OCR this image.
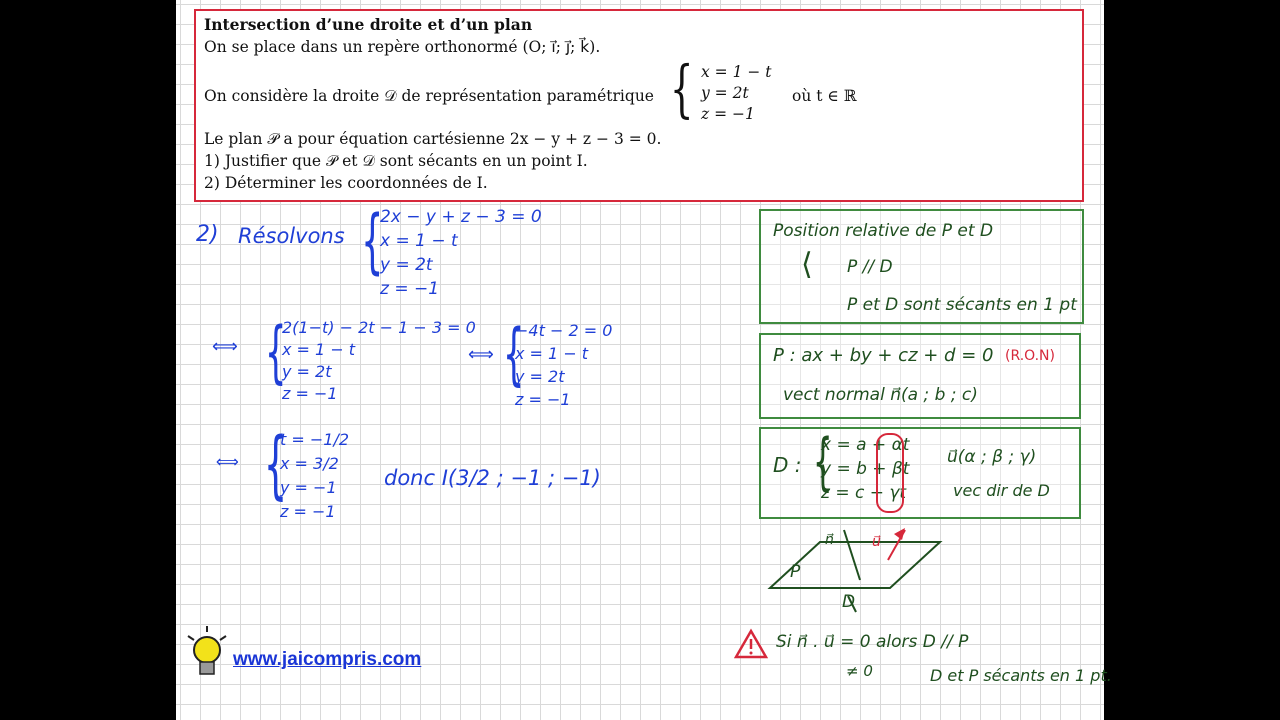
Intersection d’une droite et d’un plan
On se place dans un repère orthonormé (O; i⃗; j⃗; k⃗).
On considère la droite 𝒟 de représentation paramétrique { x = 1 − t
y = 2t
z = −1
où t ∈ ℝ
Le plan 𝒫 a pour équation cartésienne 2x − y + z − 3 = 0.
1) Justifier que 𝒫 et 𝒟 sont sécants en un point I.
2) Déterminer les coordonnées de I.
2) Résolvons {
2x − y + z − 3 = 0
x = 1 − t
y = 2t
z = −1
⟺ {
2(1−t) − 2t − 1 − 3 = 0
x = 1 − t
y = 2t
z = −1
⟺ {
−4t − 2 = 0
x = 1 − t
y = 2t
z = −1
⟺ {
t = −1/2
x = 3/2
y = −1
z = −1
donc I(3/2 ; −1 ; −1)
Position relative de P et D
⟨ P // D
P et D sont sécants en 1 pt
P : ax + by + cz + d = 0 (R.O.N)
vect normal n⃗(a ; b ; c)
D : {
x = a + αt
y = b + βt
z = c + γt
u⃗(α ; β ; γ)
vec dir de D
n⃗	u⃗
P
D
Si n⃗ . u⃗ = 0 alors D // P
≠ 0	D et P sécants en 1 pt.
www.jaicompris.com
